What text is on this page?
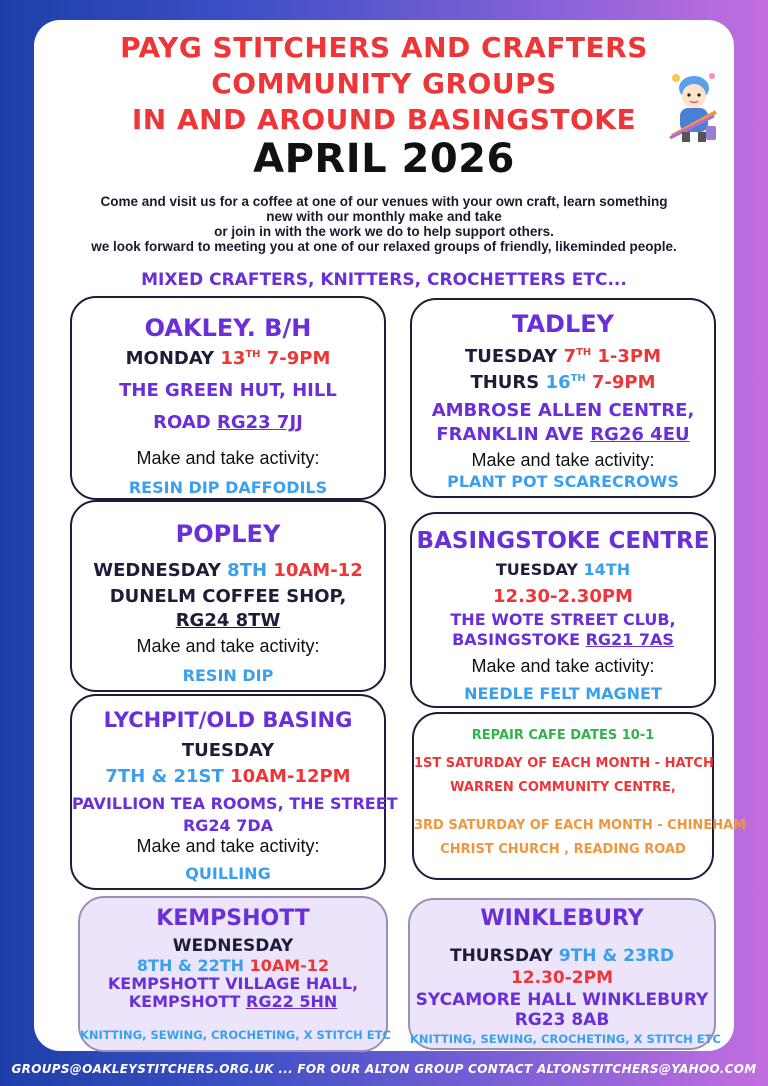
PAYG STITCHERS AND CRAFTERS
COMMUNITY GROUPS
IN AND AROUND BASINGSTOKE
APRIL 2026
Come and visit us for a coffee at one of our venues with your own craft, learn something
new with our monthly make and take
or join in with the work we do to help support others.
we look forward to meeting you at one of our relaxed groups of friendly, likeminded people.
MIXED CRAFTERS, KNITTERS, CROCHETTERS ETC...
OAKLEY. B/H
MONDAY 13TH 7-9PM
THE GREEN HUT, HILL
ROAD RG23 7JJ
Make and take activity:
RESIN DIP DAFFODILS
TADLEY
TUESDAY 7TH 1-3PM
THURS 16TH 7-9PM
AMBROSE ALLEN CENTRE,
FRANKLIN AVE RG26 4EU
Make and take activity:
PLANT POT SCARECROWS
POPLEY
WEDNESDAY 8TH 10AM-12
DUNELM COFFEE SHOP,
RG24 8TW
Make and take activity:
RESIN DIP
BASINGSTOKE CENTRE
TUESDAY 14TH
12.30-2.30PM
THE WOTE STREET CLUB,
BASINGSTOKE RG21 7AS
Make and take activity:
NEEDLE FELT MAGNET
LYCHPIT/OLD BASING
TUESDAY
7TH & 21ST 10AM-12PM
PAVILLION TEA ROOMS, THE STREET
RG24 7DA
Make and take activity:
QUILLING
REPAIR CAFE DATES 10-1
1ST SATURDAY OF EACH MONTH - HATCH
WARREN COMMUNITY CENTRE,
3RD SATURDAY OF EACH MONTH - CHINEHAM
CHRIST CHURCH , READING ROAD
KEMPSHOTT
WEDNESDAY
8TH & 22TH 10AM-12
KEMPSHOTT VILLAGE HALL,
KEMPSHOTT RG22 5HN
KNITTING, SEWING, CROCHETING, X STITCH ETC
WINKLEBURY
THURSDAY 9TH & 23RD
12.30-2PM
SYCAMORE HALL WINKLEBURY
RG23 8AB
KNITTING, SEWING, CROCHETING, X STITCH ETC
GROUPS@OAKLEYSTITCHERS.ORG.UK ... FOR OUR ALTON GROUP CONTACT ALTONSTITCHERS@YAHOO.COM
